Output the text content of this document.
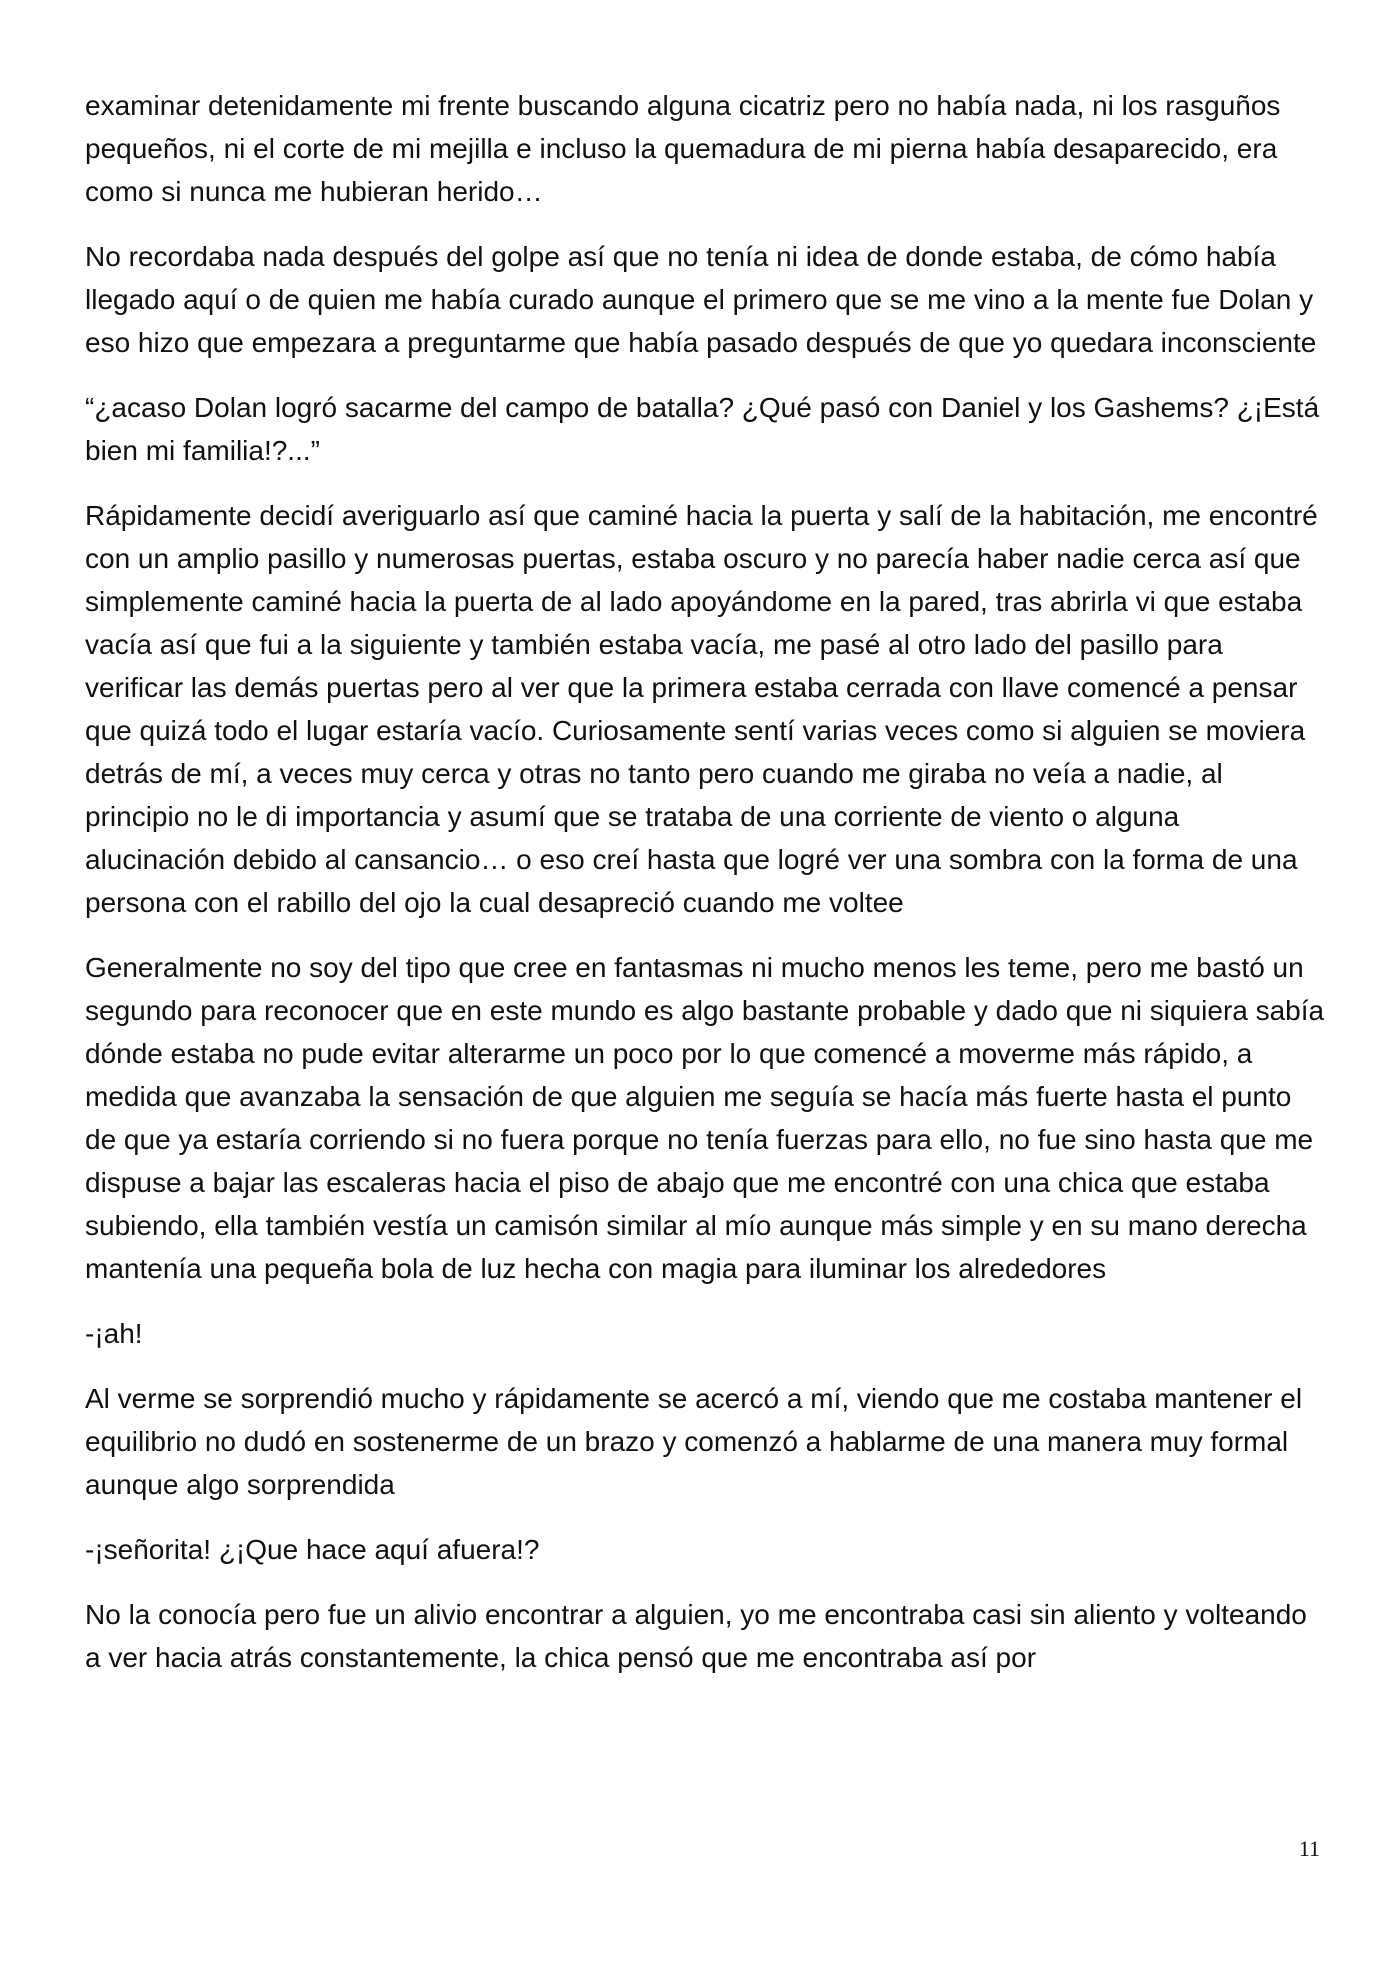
examinar detenidamente mi frente buscando alguna cicatriz pero no había nada, ni los rasguños pequeños, ni el corte de mi mejilla e incluso la quemadura de mi pierna había desaparecido, era como si nunca me hubieran herido…

No recordaba nada después del golpe así que no tenía ni idea de donde estaba, de cómo había llegado aquí o de quien me había curado aunque el primero que se me vino a la mente fue Dolan y eso hizo que empezara a preguntarme que había pasado después de que yo quedara inconsciente

“¿acaso Dolan logró sacarme del campo de batalla? ¿Qué pasó con Daniel y los Gashems? ¿¡Está bien mi familia!?...”

Rápidamente decidí averiguarlo así que caminé hacia la puerta y salí de la habitación, me encontré con un amplio pasillo y numerosas puertas, estaba oscuro y no parecía haber nadie cerca así que simplemente caminé hacia la puerta de al lado apoyándome en la pared, tras abrirla vi que estaba vacía así que fui a la siguiente y también estaba vacía, me pasé al otro lado del pasillo para verificar las demás puertas pero al ver que la primera estaba cerrada con llave comencé a pensar que quizá todo el lugar estaría vacío. Curiosamente sentí varias veces como si alguien se moviera detrás de mí, a veces muy cerca y otras no tanto pero cuando me giraba no veía a nadie, al principio no le di importancia y asumí que se trataba de una corriente de viento o alguna alucinación debido al cansancio… o eso creí hasta que logré ver una sombra con la forma de una persona con el rabillo del ojo la cual desapreció cuando me voltee

Generalmente no soy del tipo que cree en fantasmas ni mucho menos les teme, pero me bastó un segundo para reconocer que en este mundo es algo bastante probable y dado que ni siquiera sabía dónde estaba no pude evitar alterarme un poco por lo que comencé a moverme más rápido, a medida que avanzaba la sensación de que alguien me seguía se hacía más fuerte hasta el punto de que ya estaría corriendo si no fuera porque no tenía fuerzas para ello, no fue sino hasta que me dispuse a bajar las escaleras hacia el piso de abajo que me encontré con una chica que estaba subiendo, ella también vestía un camisón similar al mío aunque más simple y en su mano derecha mantenía una pequeña bola de luz hecha con magia para iluminar los alrededores

-¡ah!

Al verme se sorprendió mucho y rápidamente se acercó a mí, viendo que me costaba mantener el equilibrio no dudó en sostenerme de un brazo y comenzó a hablarme de una manera muy formal aunque algo sorprendida

-¡señorita! ¿¡Que hace aquí afuera!?

No la conocía pero fue un alivio encontrar a alguien, yo me encontraba casi sin aliento y volteando a ver hacia atrás constantemente, la chica pensó que me encontraba así por

11
